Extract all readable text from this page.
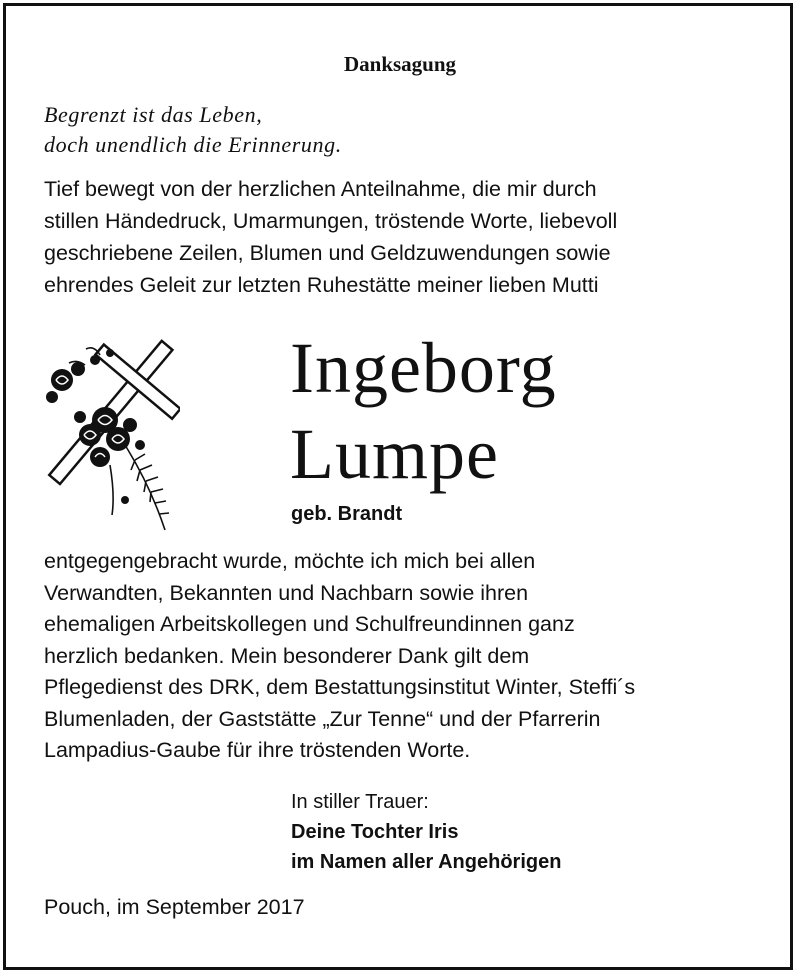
Danksagung
Begrenzt ist das Leben,
doch unendlich die Erinnerung.
Tief bewegt von der herzlichen Anteilnahme, die mir durch
stillen Händedruck, Umarmungen, tröstende Worte, liebevoll
geschriebene Zeilen, Blumen und Geldzuwendungen sowie
ehrendes Geleit zur letzten Ruhestätte meiner lieben Mutti
Ingeborg
Lumpe
geb. Brandt
entgegengebracht wurde, möchte ich mich bei allen
Verwandten, Bekannten und Nachbarn sowie ihren
ehemaligen Arbeitskollegen und Schulfreundinnen ganz
herzlich bedanken. Mein besonderer Dank gilt dem
Pflegedienst des DRK, dem Bestattungsinstitut Winter, Steffi´s
Blumenladen, der Gaststätte „Zur Tenne“ und der Pfarrerin
Lampadius-Gaube für ihre tröstenden Worte.
In stiller Trauer:
Deine Tochter Iris
im Namen aller Angehörigen
Pouch, im September 2017
